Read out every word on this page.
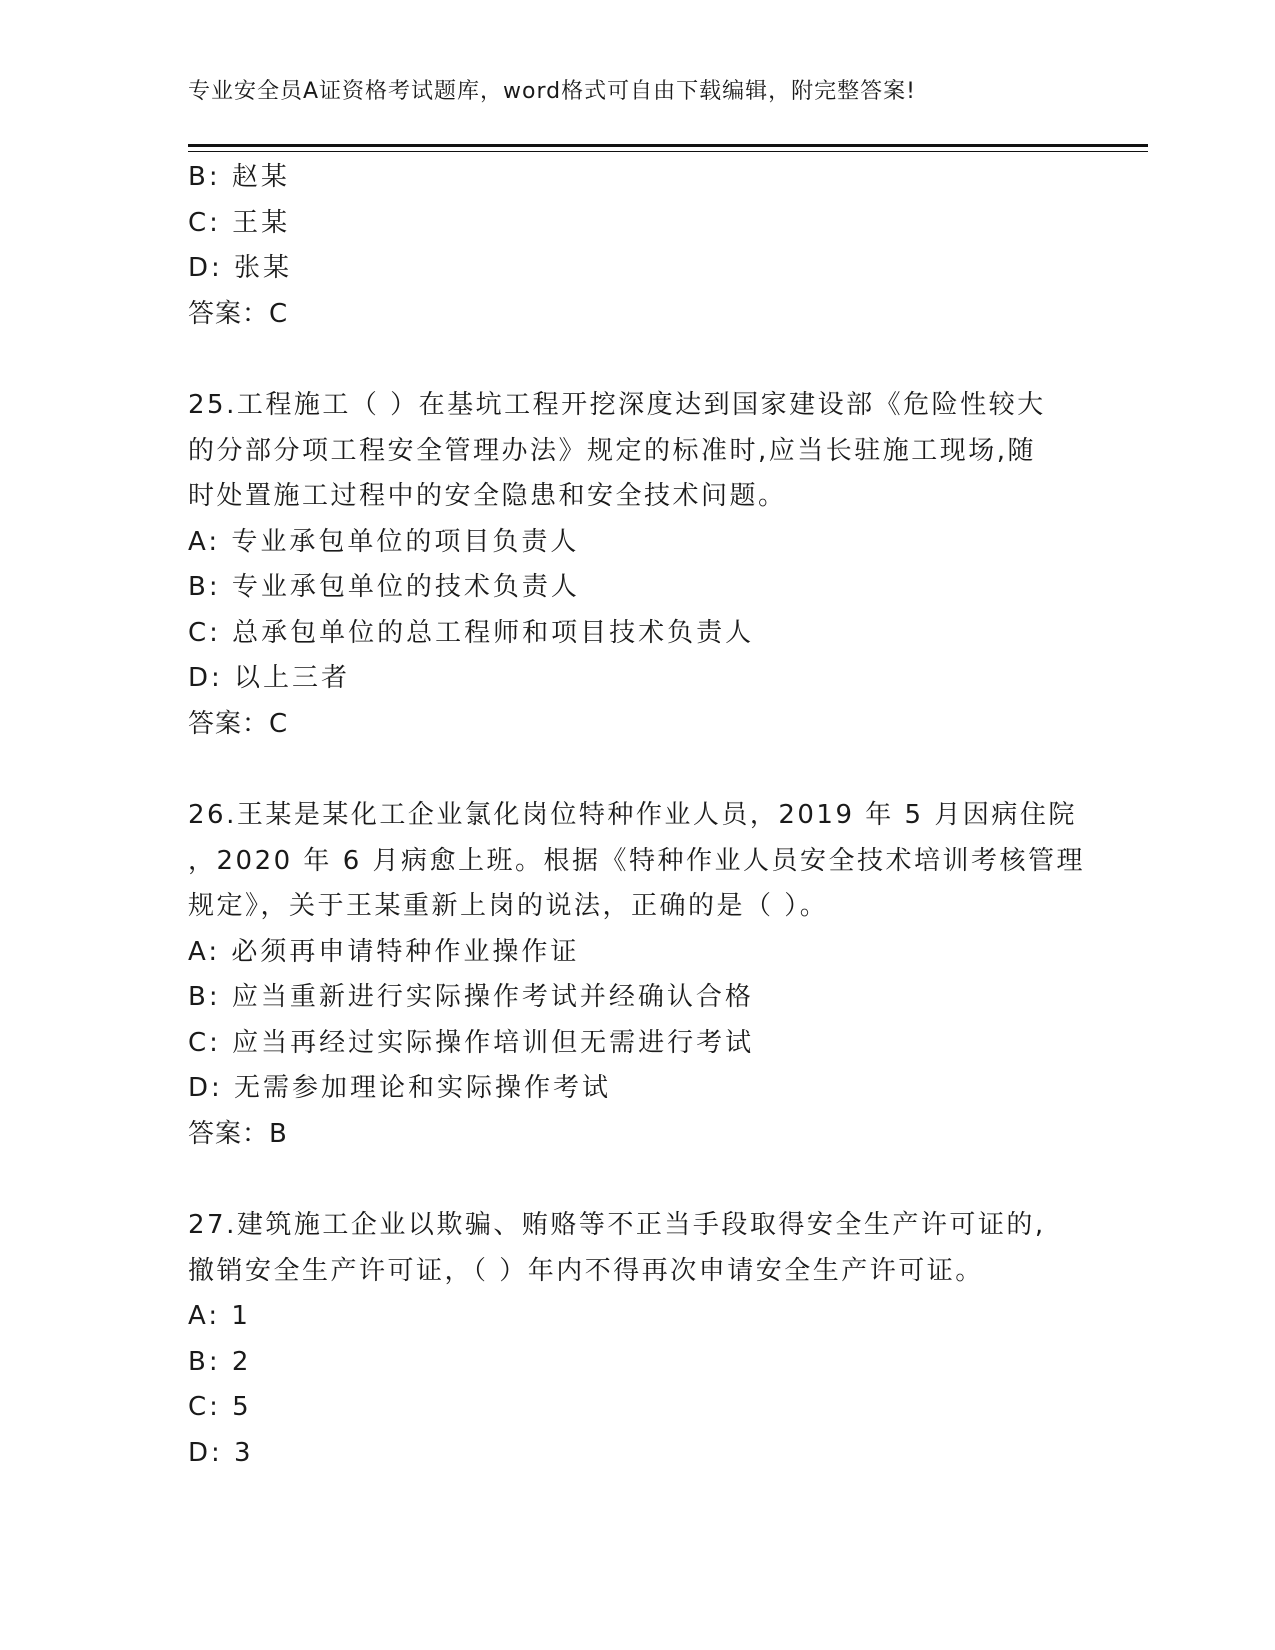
专业安全员A证资格考试题库，word格式可自由下载编辑，附完整答案!
B: 赵某
C: 王某
D: 张某
答案：C
25.工程施工（ ）在基坑工程开挖深度达到国家建设部《危险性较大
的分部分项工程安全管理办法》规定的标准时,应当长驻施工现场,随
时处置施工过程中的安全隐患和安全技术问题。
A: 专业承包单位的项目负责人
B: 专业承包单位的技术负责人
C: 总承包单位的总工程师和项目技术负责人
D: 以上三者
答案：C
26.王某是某化工企业氯化岗位特种作业人员，2019 年 5 月因病住院
，2020 年 6 月病愈上班。根据《特种作业人员安全技术培训考核管理
规定》，关于王某重新上岗的说法，正确的是（ ）。
A: 必须再申请特种作业操作证
B: 应当重新进行实际操作考试并经确认合格
C: 应当再经过实际操作培训但无需进行考试
D: 无需参加理论和实际操作考试
答案：B
27.建筑施工企业以欺骗、贿赂等不正当手段取得安全生产许可证的,
撤销安全生产许可证，（ ）年内不得再次申请安全生产许可证。
A: 1
B: 2
C: 5
D: 3
